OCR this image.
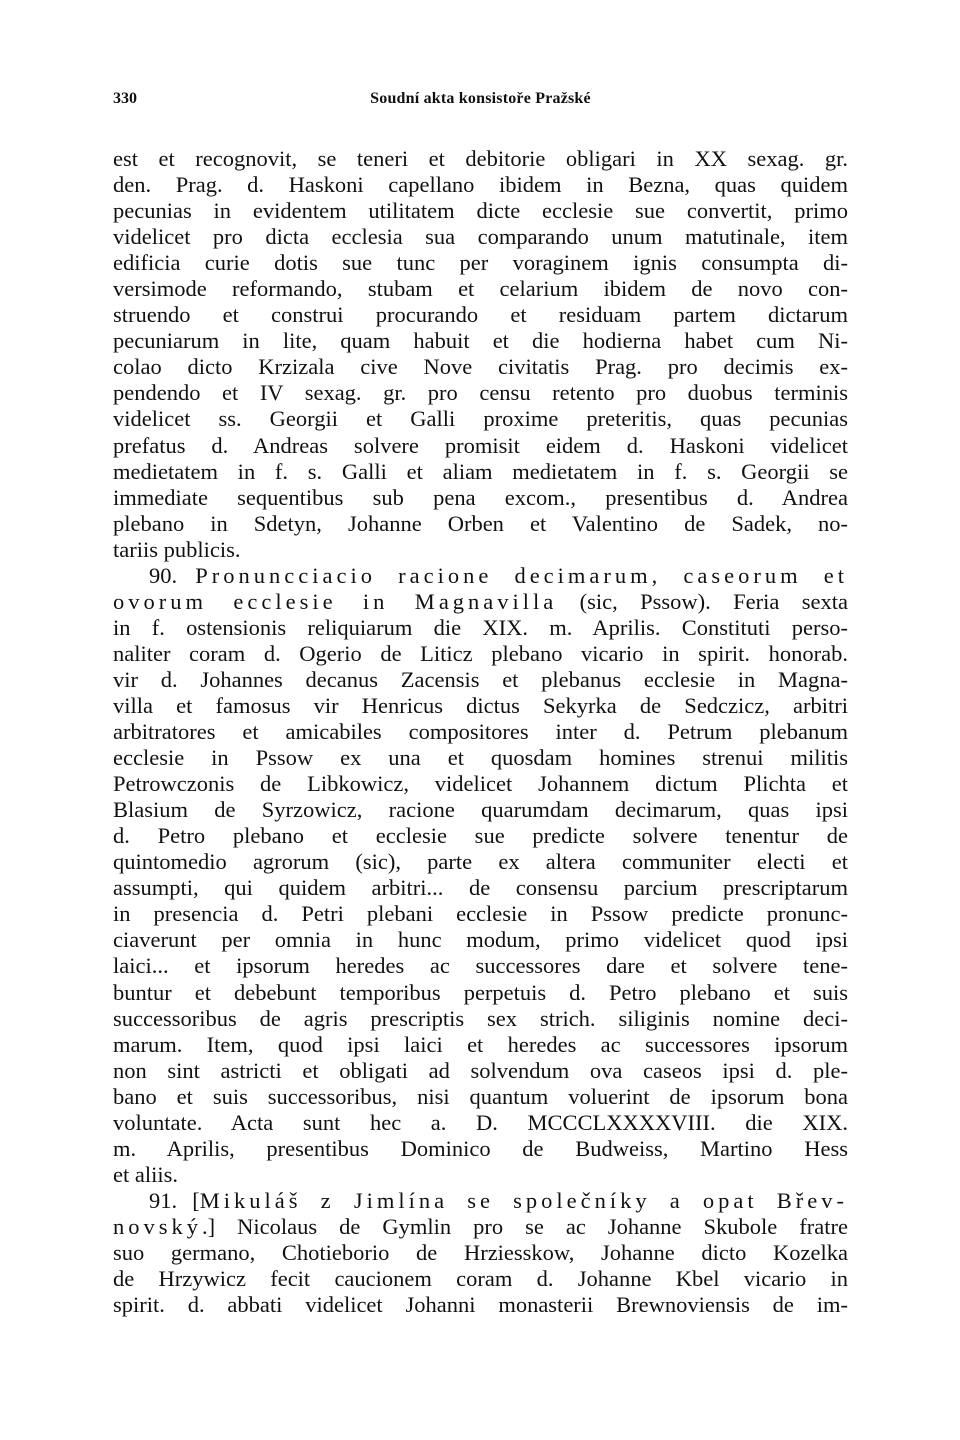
330	Soudní akta konsistoře Pražské
est et recognovit, se teneri et debitorie obligari in XX sexag. gr.
den. Prag. d. Haskoni capellano ibidem in Bezna, quas quidem
pecunias in evidentem utilitatem dicte ecclesie sue convertit, primo
videlicet pro dicta ecclesia sua comparando unum matutinale, item
edificia curie dotis sue tunc per voraginem ignis consumpta di-
versimode reformando, stubam et celarium ibidem de novo con-
struendo et construi procurando et residuam partem dictarum
pecuniarum in lite, quam habuit et die hodierna habet cum Ni-
colao dicto Krzizala cive Nove civitatis Prag. pro decimis ex-
pendendo et IV sexag. gr. pro censu retento pro duobus terminis
videlicet ss. Georgii et Galli proxime preteritis, quas pecunias
prefatus d. Andreas solvere promisit eidem d. Haskoni videlicet
medietatem in f. s. Galli et aliam medietatem in f. s. Georgii se
immediate sequentibus sub pena excom., presentibus d. Andrea
plebano in Sdetyn, Johanne Orben et Valentino de Sadek, no-
tariis publicis.
90. Pronuncciacio racione decimarum, caseorum et
ovorum ecclesie in Magnavilla (sic, Pssow). Feria sexta
in f. ostensionis reliquiarum die XIX. m. Aprilis. Constituti perso-
naliter coram d. Ogerio de Liticz plebano vicario in spirit. honorab.
vir d. Johannes decanus Zacensis et plebanus ecclesie in Magna-
villa et famosus vir Henricus dictus Sekyrka de Sedczicz, arbitri
arbitratores et amicabiles compositores inter d. Petrum plebanum
ecclesie in Pssow ex una et quosdam homines strenui militis
Petrowczonis de Libkowicz, videlicet Johannem dictum Plichta et
Blasium de Syrzowicz, racione quarumdam decimarum, quas ipsi
d. Petro plebano et ecclesie sue predicte solvere tenentur de
quintomedio agrorum (sic), parte ex altera communiter electi et
assumpti, qui quidem arbitri... de consensu parcium prescriptarum
in presencia d. Petri plebani ecclesie in Pssow predicte pronunc-
ciaverunt per omnia in hunc modum, primo videlicet quod ipsi
laici... et ipsorum heredes ac successores dare et solvere tene-
buntur et debebunt temporibus perpetuis d. Petro plebano et suis
successoribus de agris prescriptis sex strich. siliginis nomine deci-
marum. Item, quod ipsi laici et heredes ac successores ipsorum
non sint astricti et obligati ad solvendum ova caseos ipsi d. ple-
bano et suis successoribus, nisi quantum voluerint de ipsorum bona
voluntate. Acta sunt hec a. D. MCCCLXXXXVIII. die XIX.
m. Aprilis, presentibus Dominico de Budweiss, Martino Hess
et aliis.
91. [Mikuláš z Jimlína se společníky a opat Břev-
novský.] Nicolaus de Gymlin pro se ac Johanne Skubole fratre
suo germano, Chotieborio de Hrziesskow, Johanne dicto Kozelka
de Hrzywicz fecit caucionem coram d. Johanne Kbel vicario in
spirit. d. abbati videlicet Johanni monasterii Brewnoviensis de im-
